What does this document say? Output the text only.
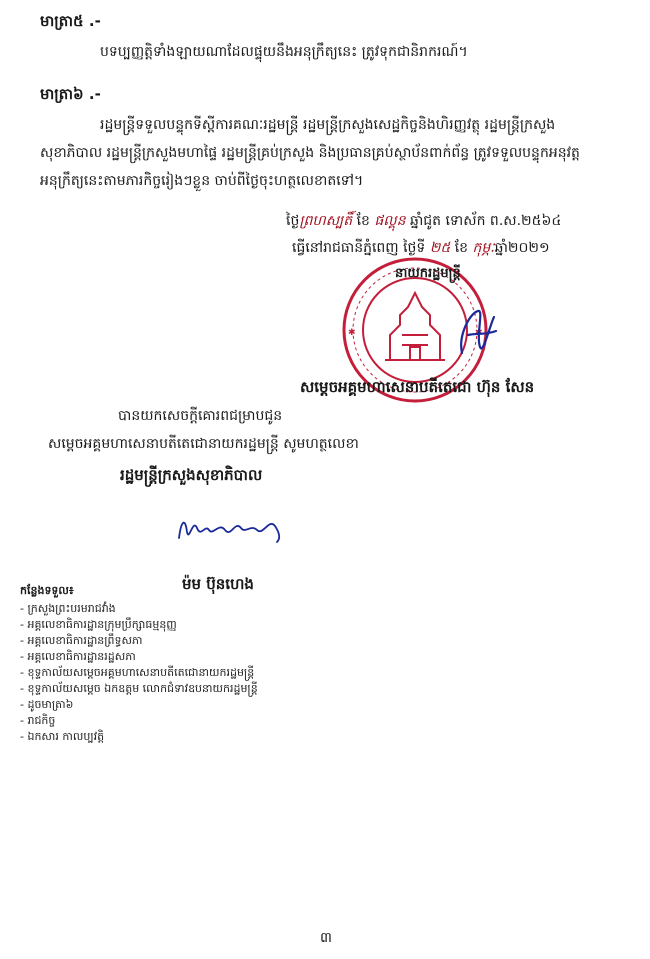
មាត្រា៥ .-
បទប្បញ្ញត្តិទាំងឡាយណាដែលផ្ទុយនឹងអនុក្រឹត្យនេះ ត្រូវទុកជានិរាករណ៍។
មាត្រា៦ .-
រដ្ឋមន្ត្រីទទួលបន្ទុកទីស្តីការគណៈរដ្ឋមន្ត្រី រដ្ឋមន្ត្រីក្រសួងសេដ្ឋកិច្ចនិងហិរញ្ញវត្ថុ រដ្ឋមន្ត្រីក្រសួង
សុខាភិបាល រដ្ឋមន្ត្រីក្រសួងមហាផ្ទៃ រដ្ឋមន្ត្រីគ្រប់ក្រសួង និងប្រធានគ្រប់ស្ថាប័នពាក់ព័ន្ធ ត្រូវទទួលបន្ទុកអនុវត្ត
អនុក្រឹត្យនេះតាមភារកិច្ចរៀងៗខ្លួន ចាប់ពីថ្ងៃចុះហត្ថលេខាតទៅ។
ថ្ងៃព្រហស្បតិ៍ ខែ ផល្គុន ឆ្នាំជូត ទោស័ក ព.ស.២៥៦៤
ធ្វើនៅរាជធានីភ្នំពេញ ថ្ងៃទី ២៥ ខែ កុម្ភៈឆ្នាំ២០២១
✱	✱
នាយករដ្ឋមន្ត្រី
សម្តេចអគ្គមហាសេនាបតីតេជោ ហ៊ុន សែន
បានយកសេចក្តីគោរពជម្រាបជូន
សម្តេចអគ្គមហាសេនាបតីតេជោនាយករដ្ឋមន្ត្រី សូមហត្ថលេខា
រដ្ឋមន្ត្រីក្រសួងសុខាភិបាល
ម៉ម ប៊ុនហេង
កន្លែងទទួល៖
- ក្រសួងព្រះបរមរាជវាំង
- អគ្គលេខាធិការដ្ឋានក្រុមប្រឹក្សាធម្មនុញ្ញ
- អគ្គលេខាធិការដ្ឋានព្រឹទ្ធសភា
- អគ្គលេខាធិការដ្ឋានរដ្ឋសភា
- ខុទ្ទកាល័យសម្តេចអគ្គមហាសេនាបតីតេជោនាយករដ្ឋមន្ត្រី
- ខុទ្ទកាល័យសម្តេច ឯកឧត្តម លោកជំទាវឧបនាយករដ្ឋមន្ត្រី
- ដូចមាត្រា៦
- រាជកិច្ច
- ឯកសារ កាលប្បវត្តិ
៣
